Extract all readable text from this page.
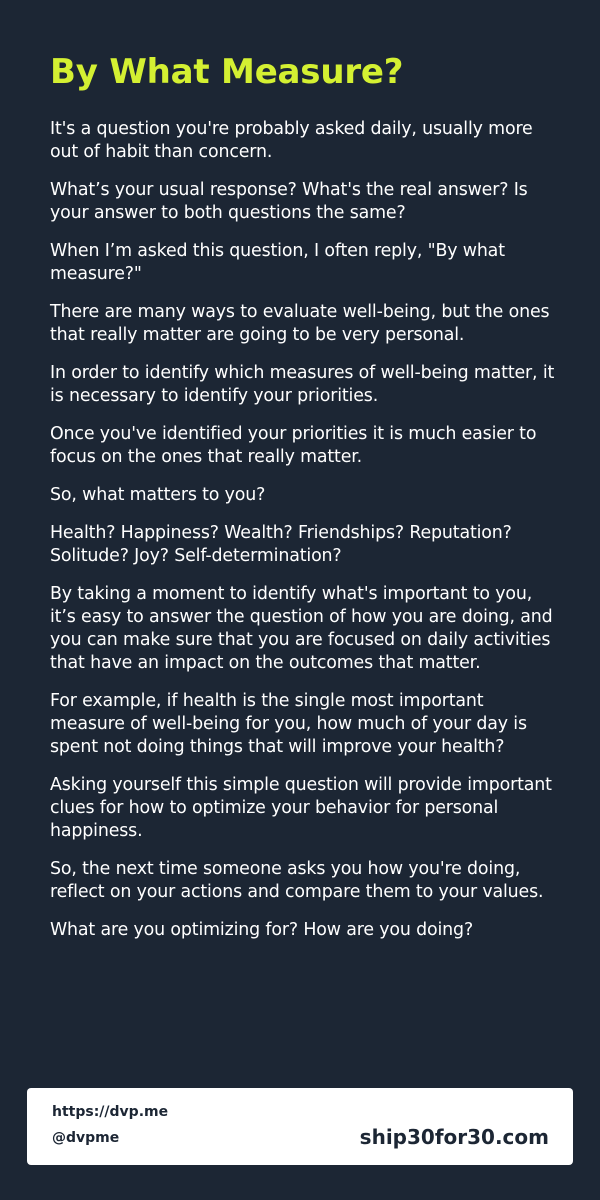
By What Measure?

It's a question you're probably asked daily, usually more out of habit than concern.

What’s your usual response? What's the real answer? Is your answer to both questions the same?

When I’m asked this question, I often reply, "By what measure?"

There are many ways to evaluate well-being, but the ones that really matter are going to be very personal.

In order to identify which measures of well-being matter, it is necessary to identify your priorities.

Once you've identified your priorities it is much easier to focus on the ones that really matter.

So, what matters to you?

Health? Happiness? Wealth? Friendships? Reputation? Solitude? Joy? Self-determination?

By taking a moment to identify what's important to you, it’s easy to answer the question of how you are doing, and you can make sure that you are focused on daily activities that have an impact on the outcomes that matter.

For example, if health is the single most important measure of well-being for you, how much of your day is spent not doing things that will improve your health?

Asking yourself this simple question will provide important clues for how to optimize your behavior for personal happiness.

So, the next time someone asks you how you're doing, reflect on your actions and compare them to your values.

What are you optimizing for? How are you doing?

https://dvp.me
@dvpme	ship30for30.com
